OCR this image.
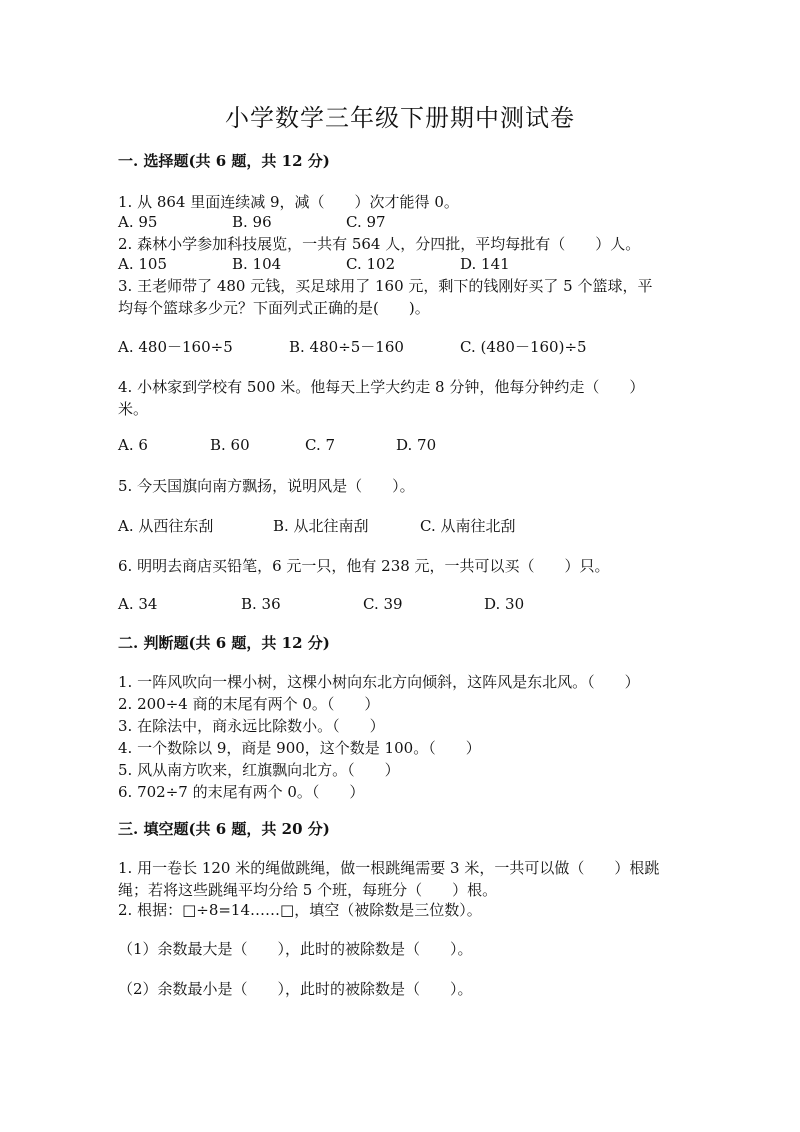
小学数学三年级下册期中测试卷
一. 选择题(共 6 题，共 12 分)
1. 从 864 里面连续减 9，减（　　）次才能得 0。
A. 95	B. 96	C. 97
2. 森林小学参加科技展览，一共有 564 人，分四批，平均每批有（　　）人。
A. 105	B. 104	C. 102	D. 141
3. 王老师带了 480 元钱，买足球用了 160 元，剩下的钱刚好买了 5 个篮球，平
均每个篮球多少元？下面列式正确的是(　　)。
A. 480－160÷5	B. 480÷5－160	C. (480－160)÷5
4. 小林家到学校有 500 米。他每天上学大约走 8 分钟，他每分钟约走（　　）
米。
A. 6	B. 60	C. 7	D. 70
5. 今天国旗向南方飘扬，说明风是（　　）。
A. 从西往东刮	B. 从北往南刮	C. 从南往北刮
6. 明明去商店买铅笔，6 元一只，他有 238 元，一共可以买（　　）只。
A. 34	B. 36	C. 39	D. 30
二. 判断题(共 6 题，共 12 分)
1. 一阵风吹向一棵小树，这棵小树向东北方向倾斜，这阵风是东北风。（　　）
2. 200÷4 商的末尾有两个 0。（　　）
3. 在除法中，商永远比除数小。（　　）
4. 一个数除以 9，商是 900，这个数是 100。（　　）
5. 风从南方吹来，红旗飘向北方。（　　）
6. 702÷7 的末尾有两个 0。（　　）
三. 填空题(共 6 题，共 20 分)
1. 用一卷长 120 米的绳做跳绳，做一根跳绳需要 3 米，一共可以做（　　）根跳
绳；若将这些跳绳平均分给 5 个班，每班分（　　）根。
2. 根据：□÷8=14……□，填空（被除数是三位数）。
（1）余数最大是（　　），此时的被除数是（　　）。
（2）余数最小是（　　），此时的被除数是（　　）。
